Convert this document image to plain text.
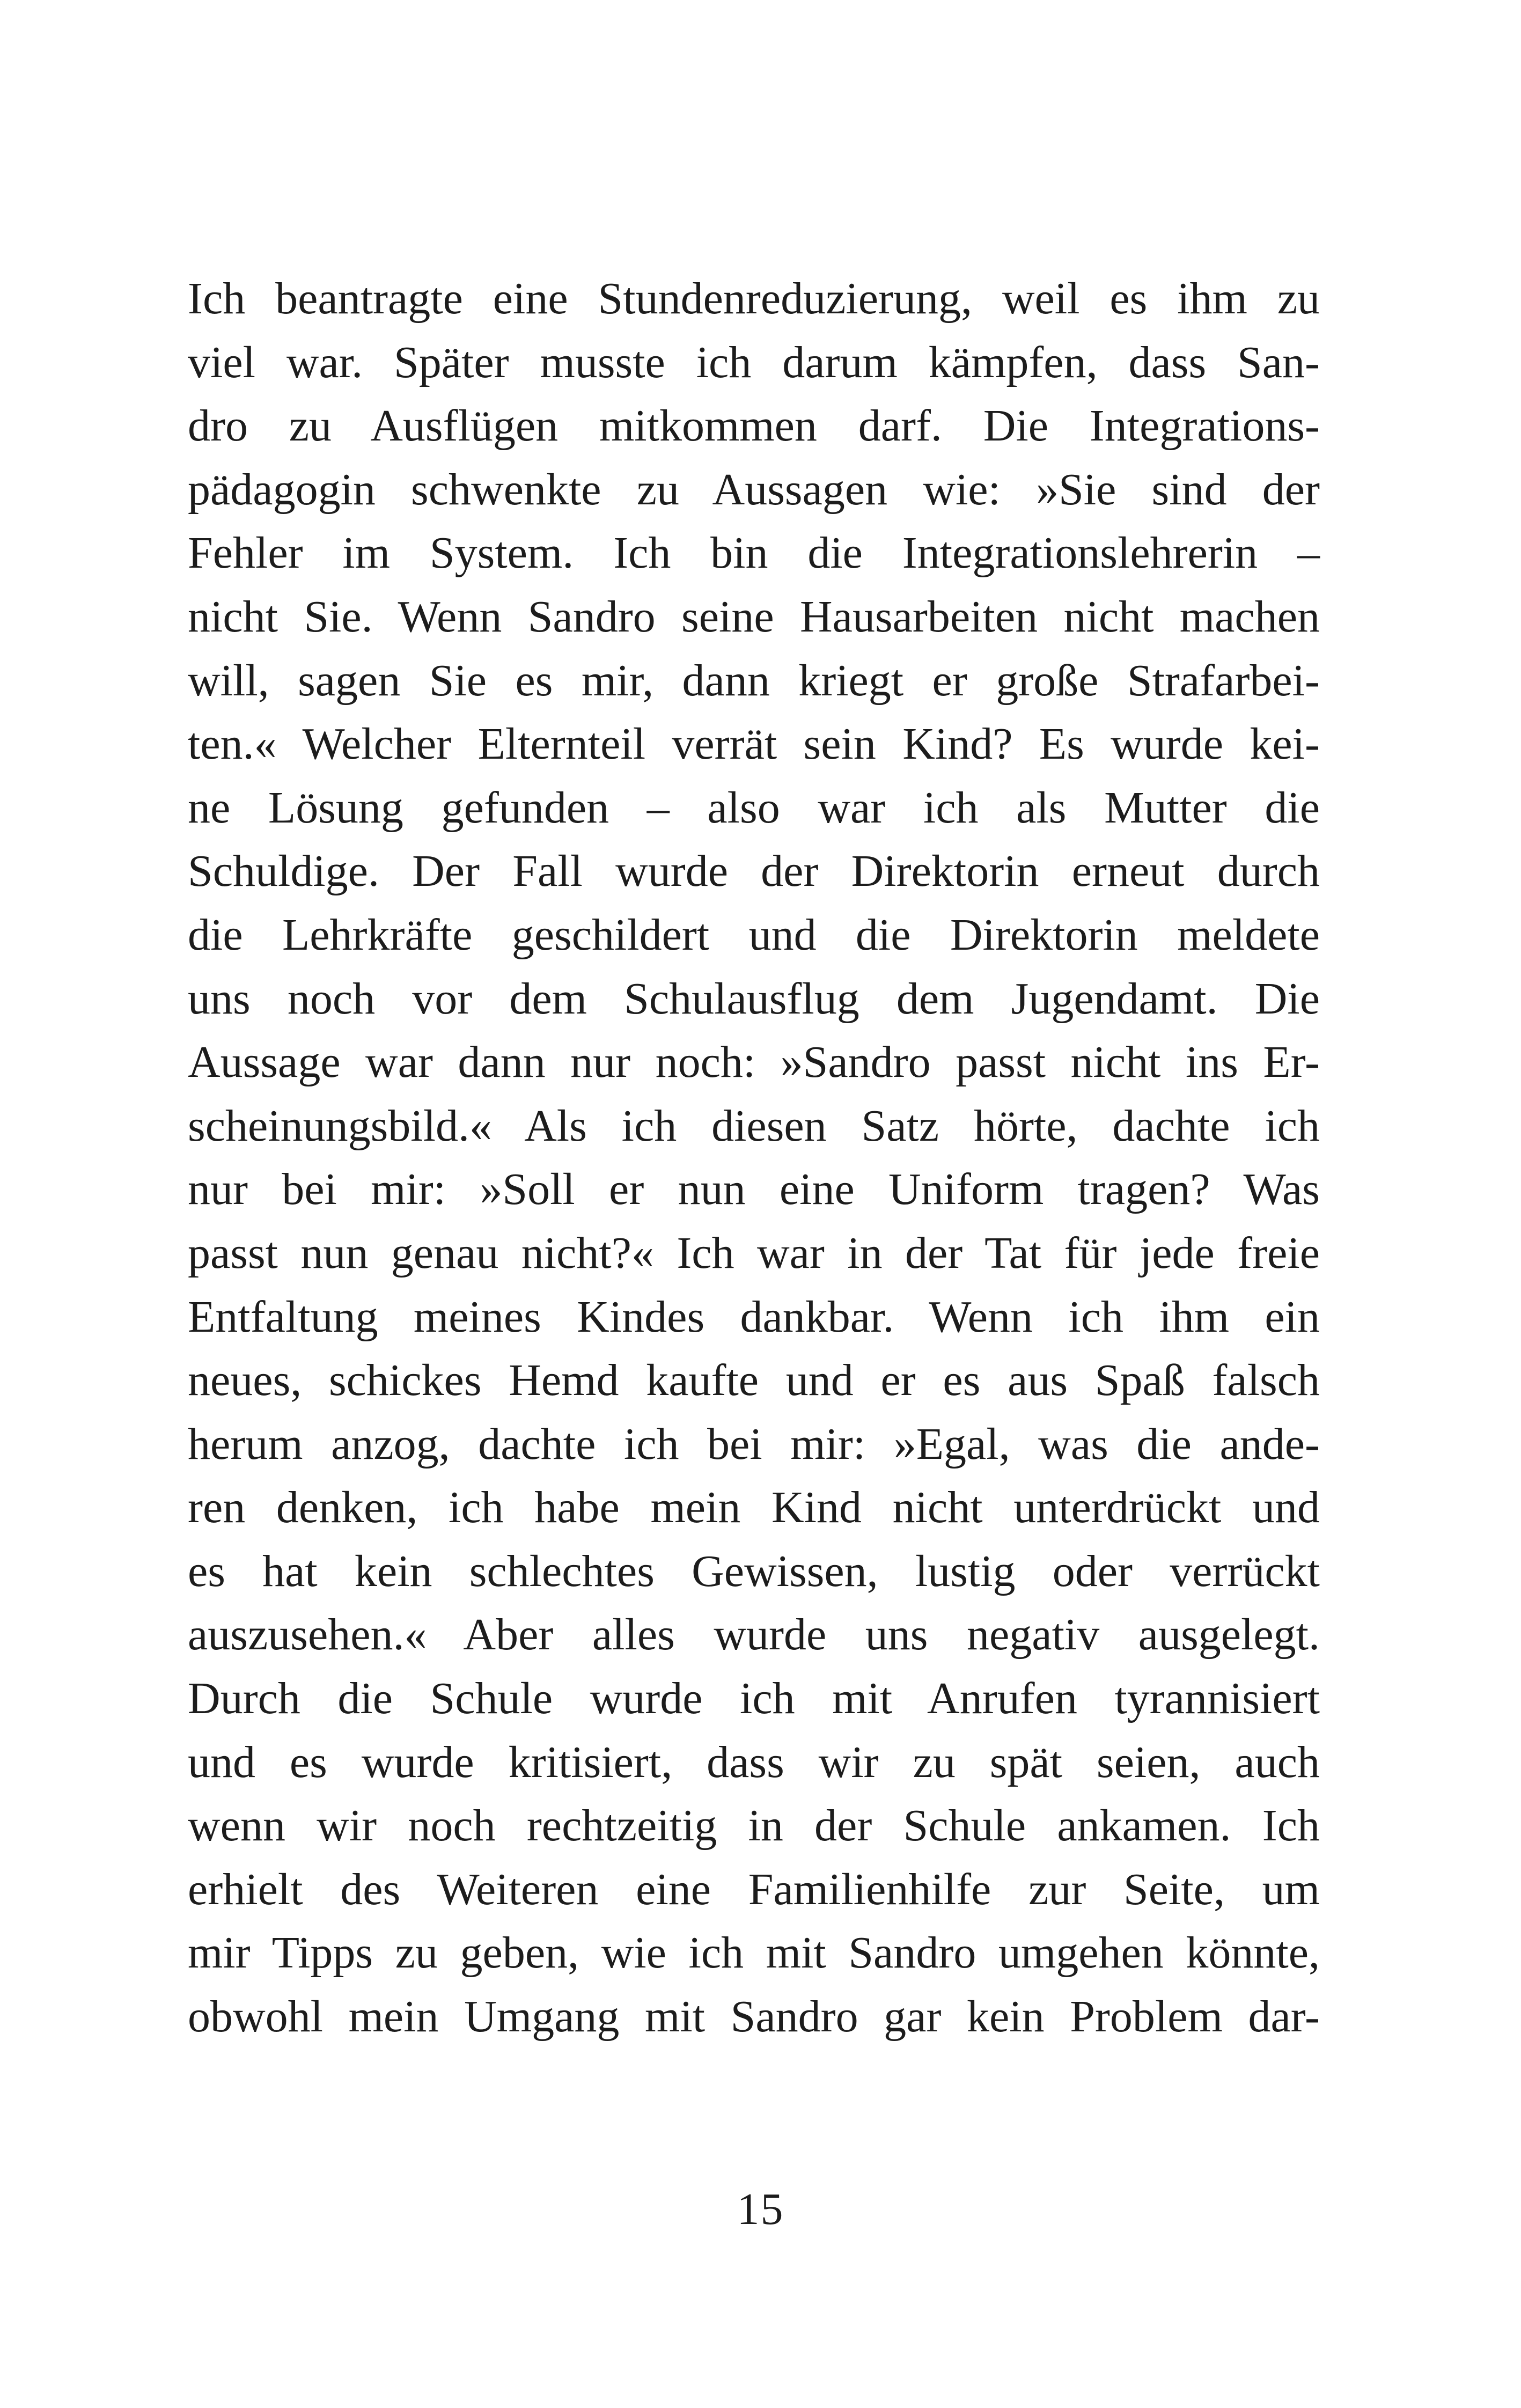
Ich beantragte eine Stundenreduzierung, weil es ihm zu
viel war. Später musste ich darum kämpfen, dass San-
dro zu Ausflügen mitkommen darf. Die Integrations-
pädagogin schwenkte zu Aussagen wie: »Sie sind der
Fehler im System. Ich bin die Integrationslehrerin –
nicht Sie. Wenn Sandro seine Hausarbeiten nicht machen
will, sagen Sie es mir, dann kriegt er große Strafarbei-
ten.« Welcher Elternteil verrät sein Kind? Es wurde kei-
ne Lösung gefunden – also war ich als Mutter die
Schuldige. Der Fall wurde der Direktorin erneut durch
die Lehrkräfte geschildert und die Direktorin meldete
uns noch vor dem Schulausflug dem Jugendamt. Die
Aussage war dann nur noch: »Sandro passt nicht ins Er-
scheinungsbild.« Als ich diesen Satz hörte, dachte ich
nur bei mir: »Soll er nun eine Uniform tragen? Was
passt nun genau nicht?« Ich war in der Tat für jede freie
Entfaltung meines Kindes dankbar. Wenn ich ihm ein
neues, schickes Hemd kaufte und er es aus Spaß falsch
herum anzog, dachte ich bei mir: »Egal, was die ande-
ren denken, ich habe mein Kind nicht unterdrückt und
es hat kein schlechtes Gewissen, lustig oder verrückt
auszusehen.« Aber alles wurde uns negativ ausgelegt.
Durch die Schule wurde ich mit Anrufen tyrannisiert
und es wurde kritisiert, dass wir zu spät seien, auch
wenn wir noch rechtzeitig in der Schule ankamen. Ich
erhielt des Weiteren eine Familienhilfe zur Seite, um
mir Tipps zu geben, wie ich mit Sandro umgehen könnte,
obwohl mein Umgang mit Sandro gar kein Problem dar-
15
